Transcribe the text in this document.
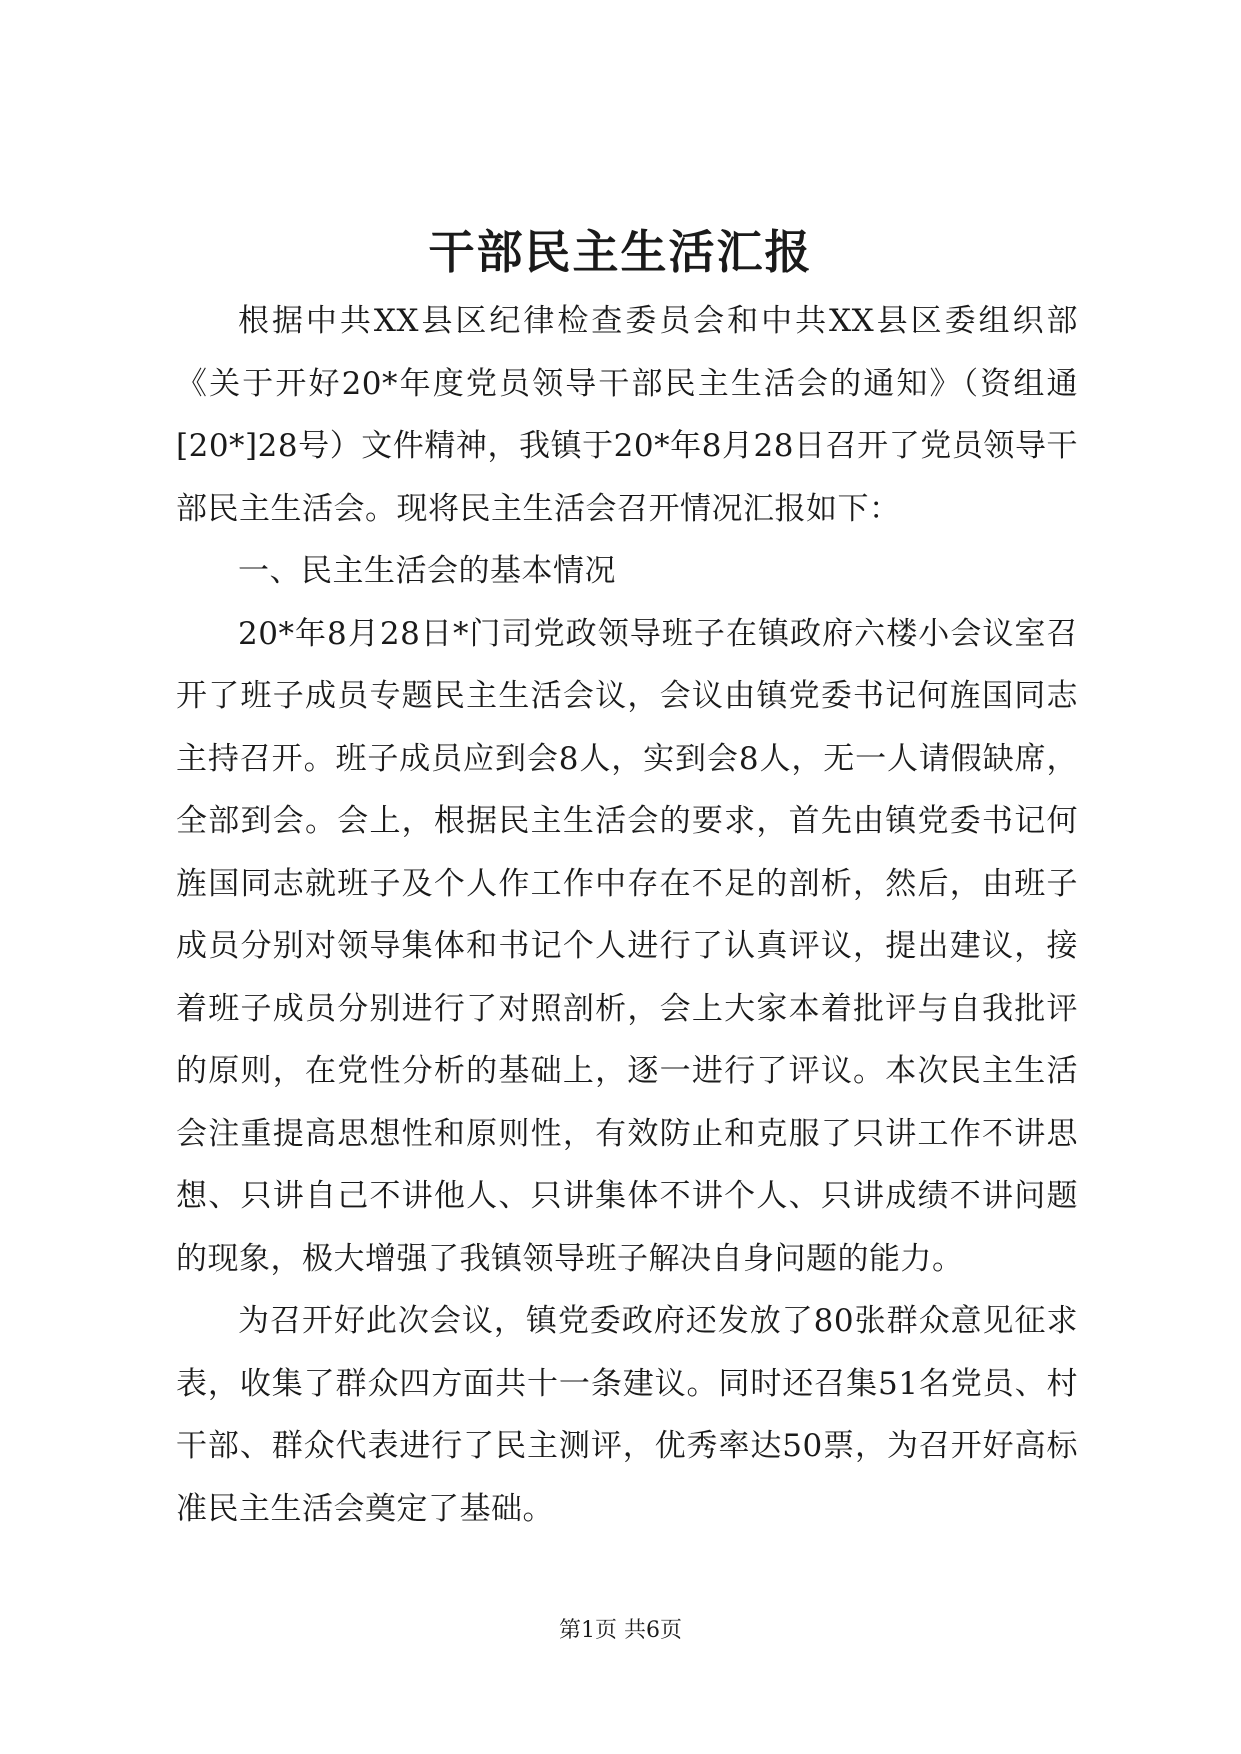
干部民主生活汇报

根据中共XX县区纪律检查委员会和中共XX县区委组织部《关于开好20*年度党员领导干部民主生活会的通知》（资组通[20*]28号）文件精神，我镇于20*年8月28日召开了党员领导干部民主生活会。现将民主生活会召开情况汇报如下：

一、民主生活会的基本情况

20*年8月28日*门司党政领导班子在镇政府六楼小会议室召开了班子成员专题民主生活会议，会议由镇党委书记何旌国同志主持召开。班子成员应到会8人，实到会8人，无一人请假缺席，全部到会。会上，根据民主生活会的要求，首先由镇党委书记何旌国同志就班子及个人作工作中存在不足的剖析，然后，由班子成员分别对领导集体和书记个人进行了认真评议，提出建议，接着班子成员分别进行了对照剖析，会上大家本着批评与自我批评的原则，在党性分析的基础上，逐一进行了评议。本次民主生活会注重提高思想性和原则性，有效防止和克服了只讲工作不讲思想、只讲自己不讲他人、只讲集体不讲个人、只讲成绩不讲问题的现象，极大增强了我镇领导班子解决自身问题的能力。

为召开好此次会议，镇党委政府还发放了80张群众意见征求表，收集了群众四方面共十一条建议。同时还召集51名党员、村干部、群众代表进行了民主测评，优秀率达50票，为召开好高标准民主生活会奠定了基础。

第1页 共6页
